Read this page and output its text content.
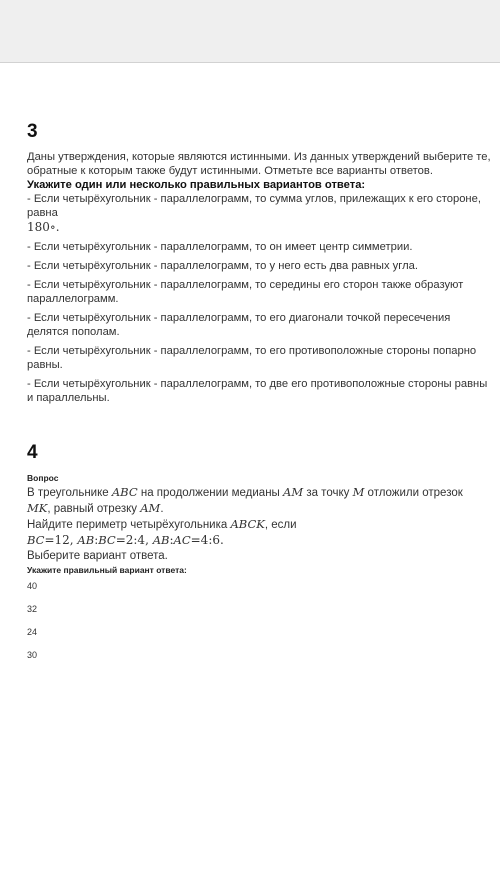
3
Даны утверждения, которые являются истинными. Из данных утверждений выберите те, обратные к которым также будут истинными. Отметьте все варианты ответов.
Укажите один или несколько правильных вариантов ответа:
- Если четырёхугольник - параллелограмм, то сумма углов, прилежащих к его стороне, равна
180∘.
- Если четырёхугольник - параллелограмм, то он имеет центр симметрии.
- Если четырёхугольник - параллелограмм, то у него есть два равных угла.
- Если четырёхугольник - параллелограмм, то середины его сторон также образуют параллелограмм.
- Если четырёхугольник - параллелограмм, то его диагонали точкой пересечения делятся пополам.
- Если четырёхугольник - параллелограмм, то его противоположные стороны попарно равны.
- Если четырёхугольник - параллелограмм, то две его противоположные стороны равны и параллельны.
4
Вопрос
В треугольнике ABC на продолжении медианы AM за точку M отложили отрезок
MK, равный отрезку AM.
Найдите периметр четырёхугольника ABCK, если
BC=12, AB:BC=2:4, AB:AC=4:6.
Выберите вариант ответа.
Укажите правильный вариант ответа:
40
32
24
30
